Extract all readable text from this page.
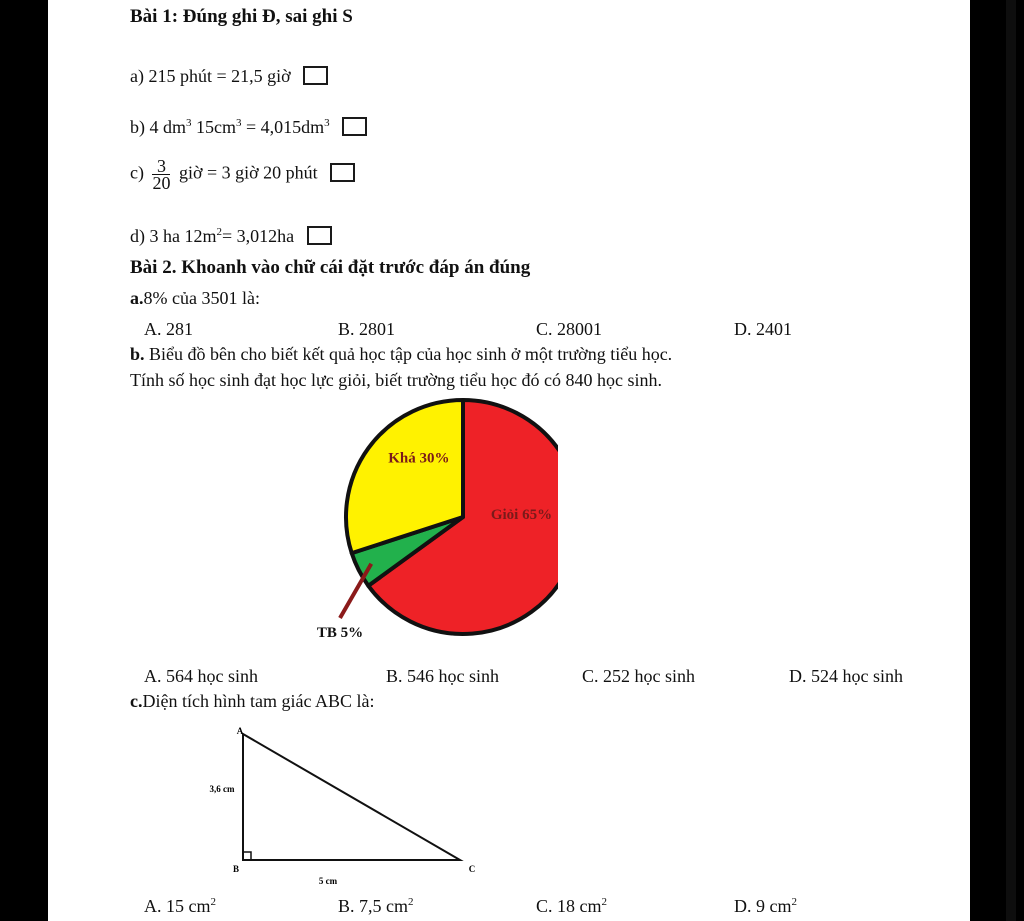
Bài 1: Đúng ghi Đ, sai ghi S
a) 215 phút = 21,5 giờ
b) 4 $dm^3$ $15cm^3 = 4,015dm^3$
$c) \frac{3}{20}$ giờ = 3 giờ 20 phút
d) 3 ha $12m^2= 3,012ha$
Bài 2. Khoanh vào chữ cái đặt trước đáp án đúng
a.8% của 3501 là:
A. 281	B. 2801	C. 28001	D. 2401
b. Biểu đồ bên cho biết kết quả học tập của học sinh ở một trường tiểu học.
Tính số học sinh đạt học lực giỏi, biết trường tiểu học đó có 840 học sinh.
Giỏi 65%
TB 5%
Khá 30%
A. 564 học sinh	B. 546 học sinh	C. 252 học sinh	D. 524 học sinh
c.Diện tích hình tam giác ABC là:
A
B	C
3,6 cm
5 cm
A. 15 $cm^2$	B. 7,5 $cm^2$	C. 18 $cm^2$	D. 9 $cm^2$
